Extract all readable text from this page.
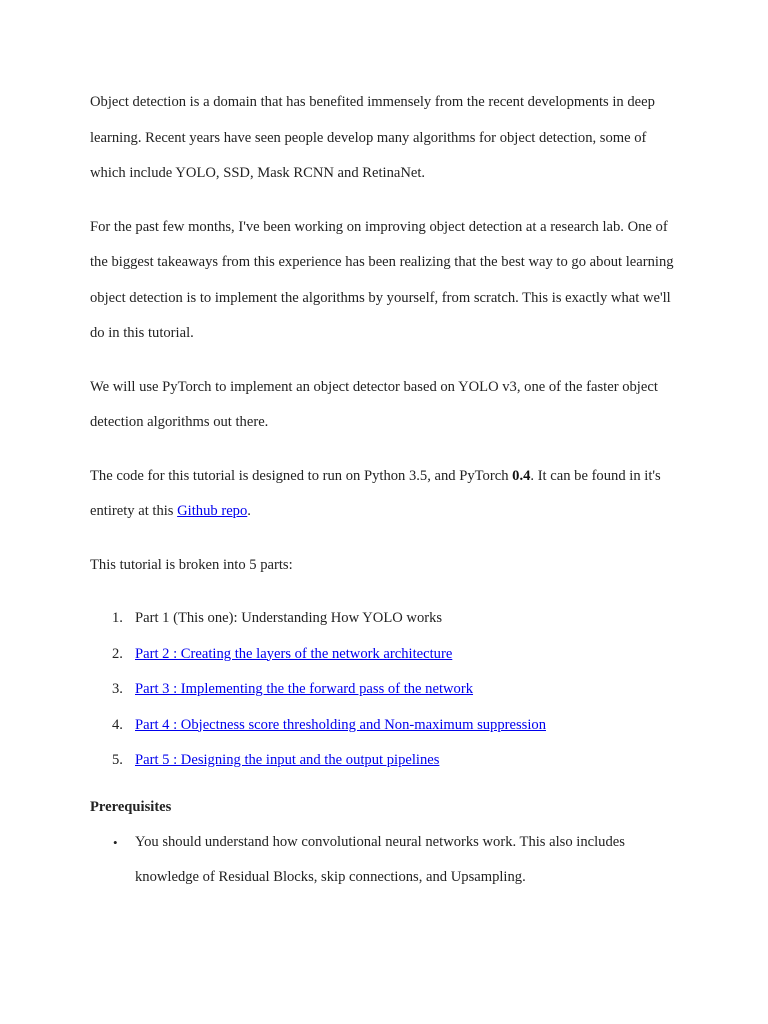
Object detection is a domain that has benefited immensely from the recent developments in deep learning. Recent years have seen people develop many algorithms for object detection, some of which include YOLO, SSD, Mask RCNN and RetinaNet.

For the past few months, I've been working on improving object detection at a research lab. One of the biggest takeaways from this experience has been realizing that the best way to go about learning object detection is to implement the algorithms by yourself, from scratch. This is exactly what we'll do in this tutorial.

We will use PyTorch to implement an object detector based on YOLO v3, one of the faster object detection algorithms out there.

The code for this tutorial is designed to run on Python 3.5, and PyTorch 0.4. It can be found in it's entirety at this Github repo.

This tutorial is broken into 5 parts:

1. Part 1 (This one): Understanding How YOLO works
2. Part 2 : Creating the layers of the network architecture
3. Part 3 : Implementing the the forward pass of the network
4. Part 4 : Objectness score thresholding and Non-maximum suppression
5. Part 5 : Designing the input and the output pipelines
Prerequisites
• You should understand how convolutional neural networks work. This also includes knowledge of Residual Blocks, skip connections, and Upsampling.
